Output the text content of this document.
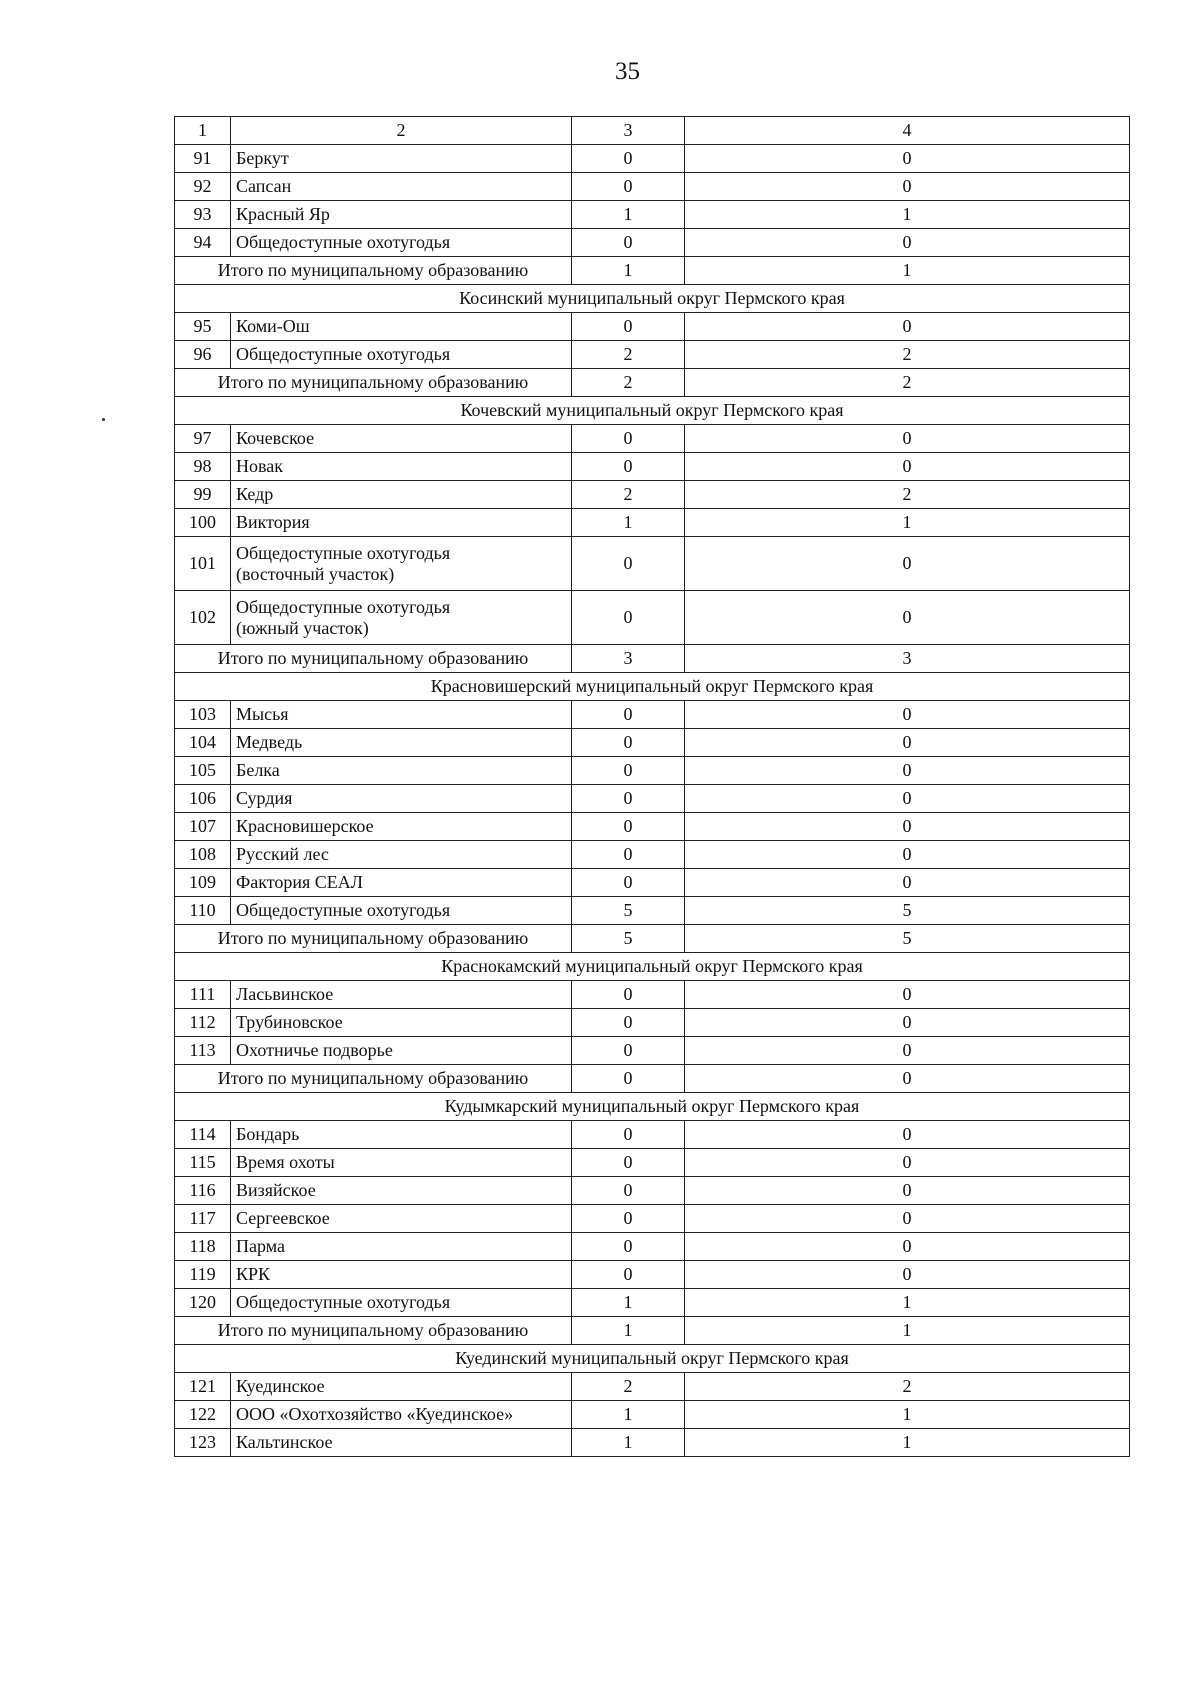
35
1	2	3	4
91	Беркут	0	0
92	Сапсан	0	0
93	Красный Яр	1	1
94	Общедоступные охотугодья	0	0
Итого по муниципальному образованию		1	1
Косинский муниципальный округ Пермского края			
95	Коми-Ош	0	0
96	Общедоступные охотугодья	2	2
Итого по муниципальному образованию		2	2
Кочевский муниципальный округ Пермского края			
97	Кочевское	0	0
98	Новак	0	0
99	Кедр	2	2
100	Виктория	1	1
101	Общедоступные охотугодья
(восточный участок)	0	0
102	Общедоступные охотугодья
(южный участок)	0	0
Итого по муниципальному образованию		3	3
Красновишерский муниципальный округ Пермского края			
103	Мысья	0	0
104	Медведь	0	0
105	Белка	0	0
106	Сурдия	0	0
107	Красновишерское	0	0
108	Русский лес	0	0
109	Фактория СЕАЛ	0	0
110	Общедоступные охотугодья	5	5
Итого по муниципальному образованию		5	5
Краснокамский муниципальный округ Пермского края			
111	Ласьвинское	0	0
112	Трубиновское	0	0
113	Охотничье подворье	0	0
Итого по муниципальному образованию		0	0
Кудымкарский муниципальный округ Пермского края			
114	Бондарь	0	0
115	Время охоты	0	0
116	Визяйское	0	0
117	Сергеевское	0	0
118	Парма	0	0
119	КРК	0	0
120	Общедоступные охотугодья	1	1
Итого по муниципальному образованию		1	1
Куединский муниципальный округ Пермского края			
121	Куединское	2	2
122	ООО «Охотхозяйство «Куединское»	1	1
123	Кальтинское	1	1
